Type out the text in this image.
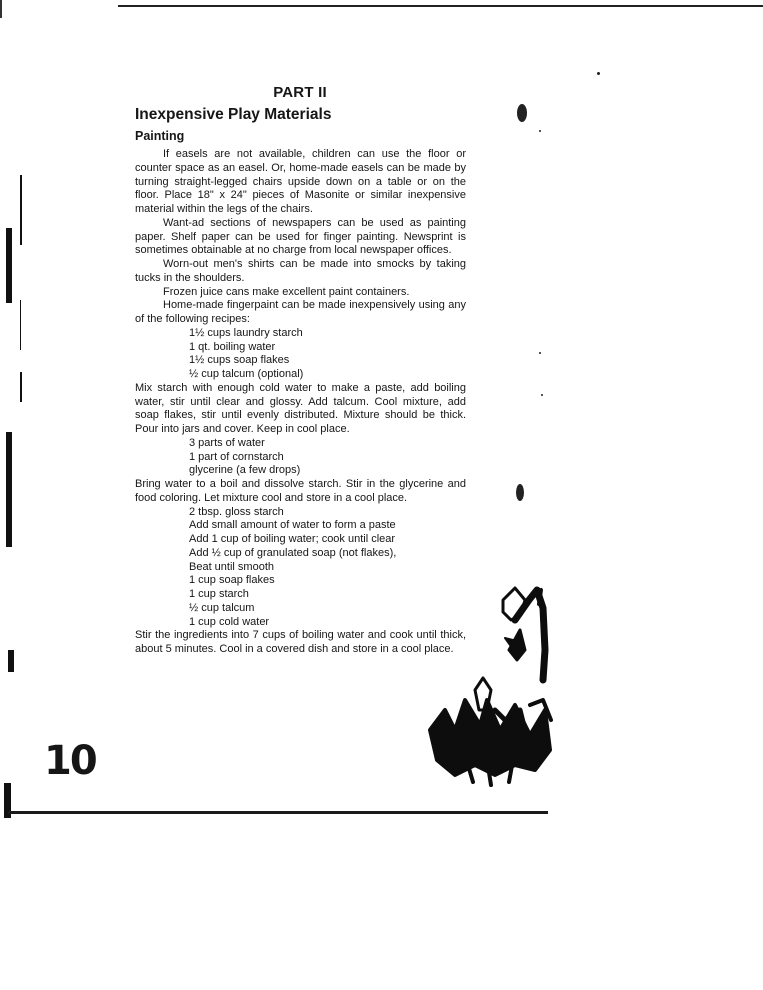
PART II
Inexpensive Play Materials
Painting

If easels are not available, children can use the floor or counter space as an easel. Or, home-made easels can be made by turning straight-legged chairs upside down on a table or on the floor. Place 18" x 24" pieces of Masonite or similar inexpensive material within the legs of the chairs.

Want-ad sections of newspapers can be used as painting paper. Shelf paper can be used for finger painting. Newsprint is sometimes obtainable at no charge from local newspaper offices.

Worn-out men's shirts can be made into smocks by taking tucks in the shoulders.

Frozen juice cans make excellent paint containers.

Home-made fingerpaint can be made inexpensively using any of the following recipes:

1½ cups laundry starch

1 qt. boiling water

1½ cups soap flakes

½ cup talcum (optional)

Mix starch with enough cold water to make a paste, add boiling water, stir until clear and glossy. Add talcum. Cool mixture, add soap flakes, stir until evenly distributed. Mixture should be thick. Pour into jars and cover. Keep in cool place.

3 parts of water

1 part of cornstarch

glycerine (a few drops)

Bring water to a boil and dissolve starch. Stir in the glycerine and food coloring. Let mixture cool and store in a cool place.

2 tbsp. gloss starch

Add small amount of water to form a paste

Add 1 cup of boiling water; cook until clear

Add ½ cup of granulated soap (not flakes),

Beat until smooth

1 cup soap flakes

1 cup starch

½ cup talcum

1 cup cold water

Stir the ingredients into 7 cups of boiling water and cook until thick, about 5 minutes. Cool in a covered dish and store in a cool place.

10
